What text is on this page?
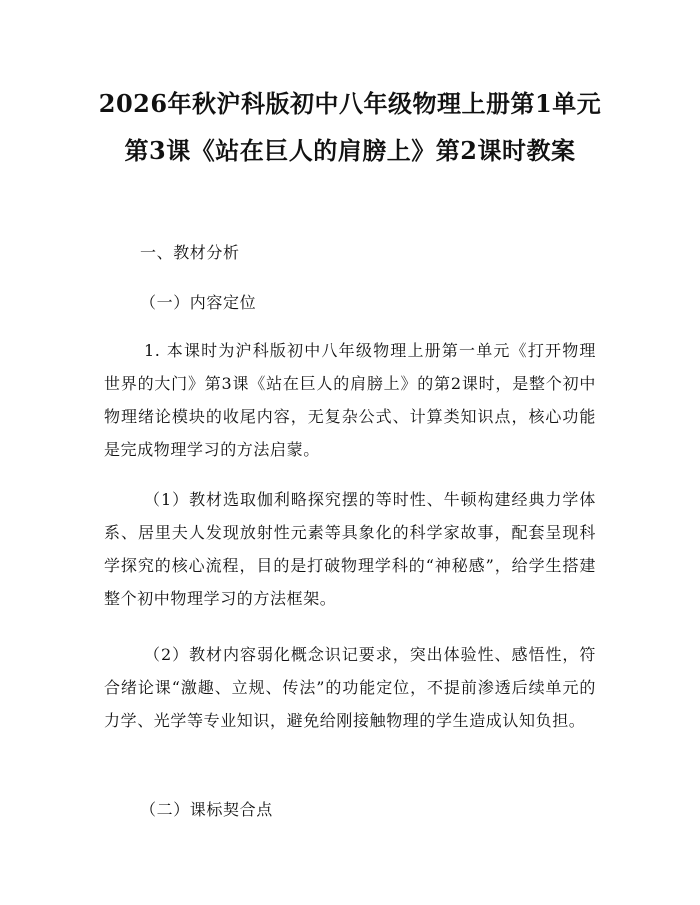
2026年秋沪科版初中八年级物理上册第1单元第3课《站在巨人的肩膀上》第2课时教案

一、教材分析

（一）内容定位

1. 本课时为沪科版初中八年级物理上册第一单元《打开物理世界的大门》第3课《站在巨人的肩膀上》的第2课时，是整个初中物理绪论模块的收尾内容，无复杂公式、计算类知识点，核心功能是完成物理学习的方法启蒙。

（1）教材选取伽利略探究摆的等时性、牛顿构建经典力学体系、居里夫人发现放射性元素等具象化的科学家故事，配套呈现科学探究的核心流程，目的是打破物理学科的“神秘感”，给学生搭建整个初中物理学习的方法框架。

（2）教材内容弱化概念识记要求，突出体验性、感悟性，符合绪论课“激趣、立规、传法”的功能定位，不提前渗透后续单元的力学、光学等专业知识，避免给刚接触物理的学生造成认知负担。

（二）课标契合点
